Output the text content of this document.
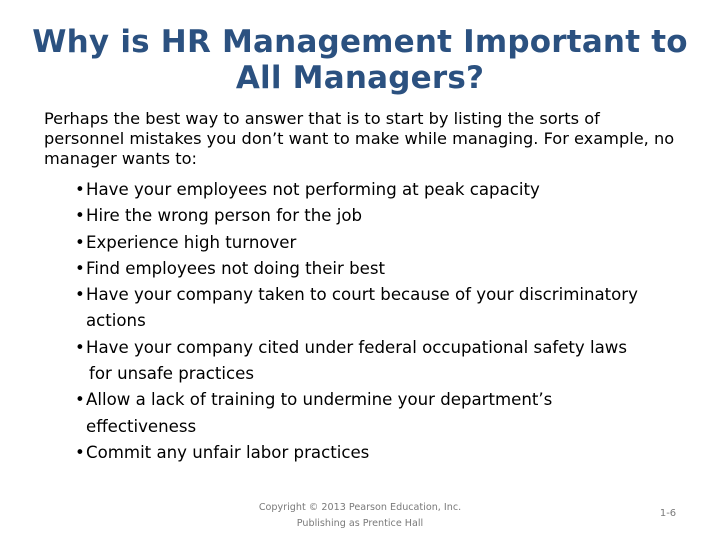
Why is HR Management Important to
All Managers?
Perhaps the best way to answer that is to start by listing the sorts of personnel mistakes you don’t want to make while managing. For example, no manager wants to:
• Have your employees not performing at peak capacity
• Hire the wrong person for the job
• Experience high turnover
• Find employees not doing their best
• Have your company taken to court because of your discriminatory
actions
• Have your company cited under federal occupational safety laws
for unsafe practices
• Allow a lack of training to undermine your department’s
effectiveness
• Commit any unfair labor practices
Copyright © 2013 Pearson Education, Inc.
Publishing as Prentice Hall
1-6
